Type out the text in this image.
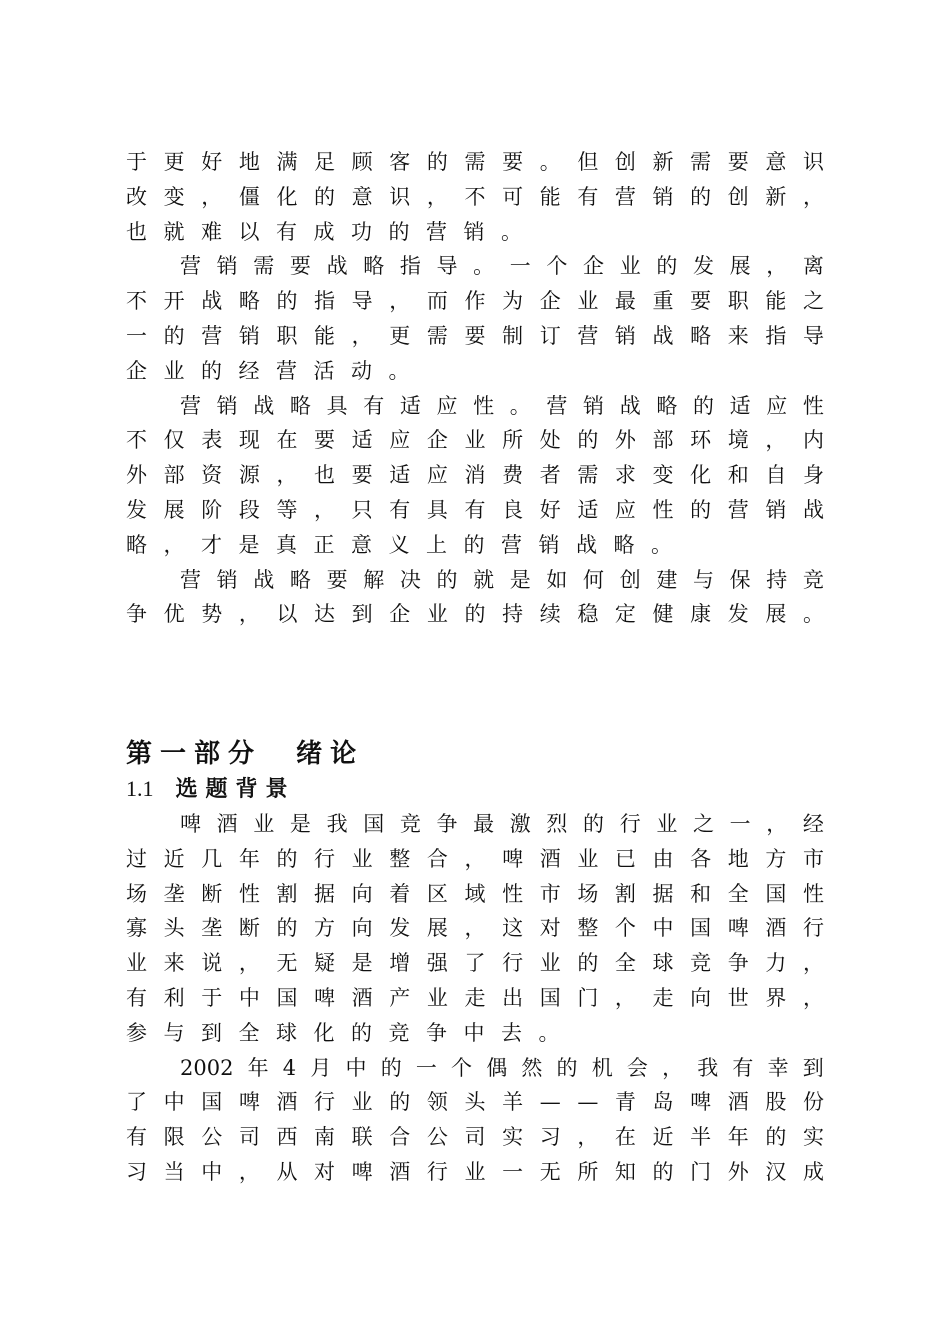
于 更 好 地 满 足 顾 客 的 需 要 。 但 创 新 需 要 意 识
改 变 ， 僵 化 的 意 识 ， 不 可 能 有 营 销 的 创 新 ，
也 就 难 以 有 成 功 的 营 销 。
营 销 需 要 战 略 指 导 。 一 个 企 业 的 发 展 ， 离
不 开 战 略 的 指 导 ， 而 作 为 企 业 最 重 要 职 能 之
一 的 营 销 职 能 ， 更 需 要 制 订 营 销 战 略 来 指 导
企 业 的 经 营 活 动 。
营 销 战 略 具 有 适 应 性 。 营 销 战 略 的 适 应 性
不 仅 表 现 在 要 适 应 企 业 所 处 的 外 部 环 境 ， 内
外 部 资 源 ， 也 要 适 应 消 费 者 需 求 变 化 和 自 身
发 展 阶 段 等 ， 只 有 具 有 良 好 适 应 性 的 营 销 战
略 ， 才 是 真 正 意 义 上 的 营 销 战 略 。
营 销 战 略 要 解 决 的 就 是 如 何 创 建 与 保 持 竞
争 优 势 ， 以 达 到 企 业 的 持 续 稳 定 健 康 发 展 。
第一部分  绪论
1.1 选题背景
啤 酒 业 是 我 国 竞 争 最 激 烈 的 行 业 之 一 ， 经
过 近 几 年 的 行 业 整 合 ， 啤 酒 业 已 由 各 地 方 市
场 垄 断 性 割 据 向 着 区 域 性 市 场 割 据 和 全 国 性
寡 头 垄 断 的 方 向 发 展 ， 这 对 整 个 中 国 啤 酒 行
业 来 说 ， 无 疑 是 增 强 了 行 业 的 全 球 竞 争 力 ，
有 利 于 中 国 啤 酒 产 业 走 出 国 门 ， 走 向 世 界 ，
参 与 到 全 球 化 的 竞 争 中 去 。
2002 年 4 月 中 的 一 个 偶 然 的 机 会 ， 我 有 幸 到
了 中 国 啤 酒 行 业 的 领 头 羊 — — 青 岛 啤 酒 股 份
有 限 公 司 西 南 联 合 公 司 实 习 ， 在 近 半 年 的 实
习 当 中 ， 从 对 啤 酒 行 业 一 无 所 知 的 门 外 汉 成
